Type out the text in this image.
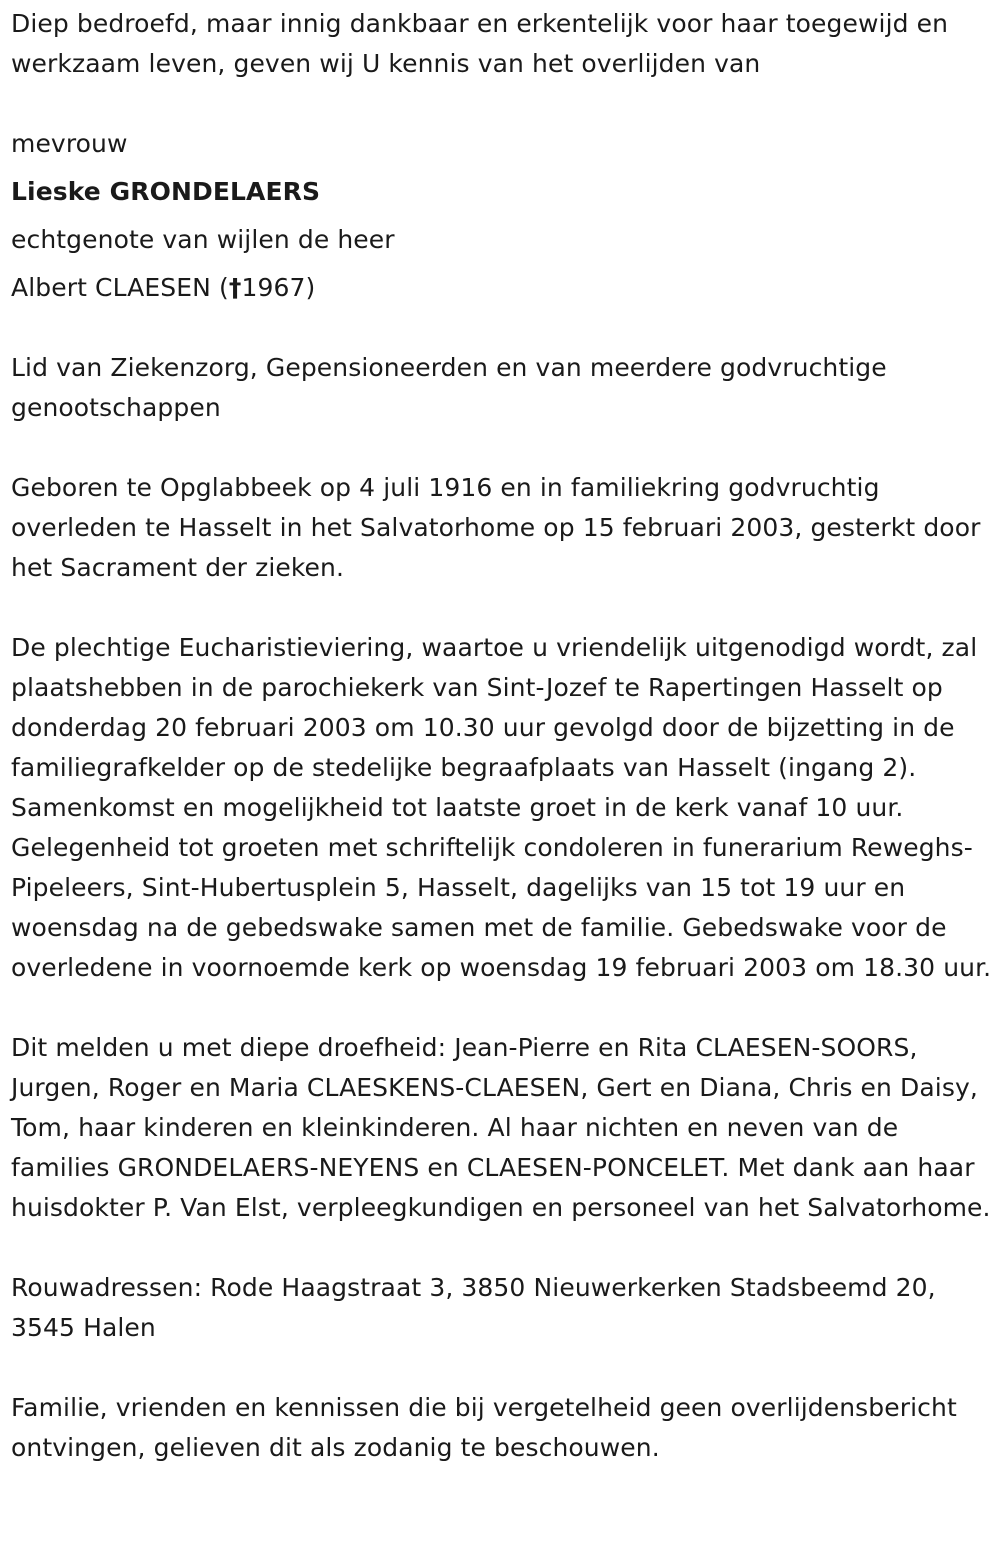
Diep bedroefd, maar innig dankbaar en erkentelijk voor haar toegewijd en werkzaam leven, geven wij U kennis van het overlijden van

mevrouw

Lieske GRONDELAERS

echtgenote van wijlen de heer

Albert CLAESEN (†1967)

Lid van Ziekenzorg, Gepensioneerden en van meerdere godvruchtige genootschappen

Geboren te Opglabbeek op 4 juli 1916 en in familiekring godvruchtig overleden te Hasselt in het Salvatorhome op 15 februari 2003, gesterkt door het Sacrament der zieken.

De plechtige Eucharistieviering, waartoe u vriendelijk uitgenodigd wordt, zal plaatshebben in de parochiekerk van Sint-Jozef te Rapertingen Hasselt op donderdag 20 februari 2003 om 10.30 uur gevolgd door de bijzetting in de familiegrafkelder op de stedelijke begraafplaats van Hasselt (ingang 2). Samenkomst en mogelijkheid tot laatste groet in de kerk vanaf 10 uur. Gelegenheid tot groeten met schriftelijk condoleren in funerarium Reweghs-Pipeleers, Sint-Hubertusplein 5, Hasselt, dagelijks van 15 tot 19 uur en woensdag na de gebedswake samen met de familie. Gebedswake voor de overledene in voornoemde kerk op woensdag 19 februari 2003 om 18.30 uur.

Dit melden u met diepe droefheid: Jean-Pierre en Rita CLAESEN-SOORS, Jurgen, Roger en Maria CLAESKENS-CLAESEN, Gert en Diana, Chris en Daisy, Tom, haar kinderen en kleinkinderen. Al haar nichten en neven van de families GRONDELAERS-NEYENS en CLAESEN-PONCELET. Met dank aan haar huisdokter P. Van Elst, verpleegkundigen en personeel van het Salvatorhome.

Rouwadressen: Rode Haagstraat 3, 3850 Nieuwerkerken Stadsbeemd 20, 3545 Halen

Familie, vrienden en kennissen die bij vergetelheid geen overlijdensbericht ontvingen, gelieven dit als zodanig te beschouwen.
